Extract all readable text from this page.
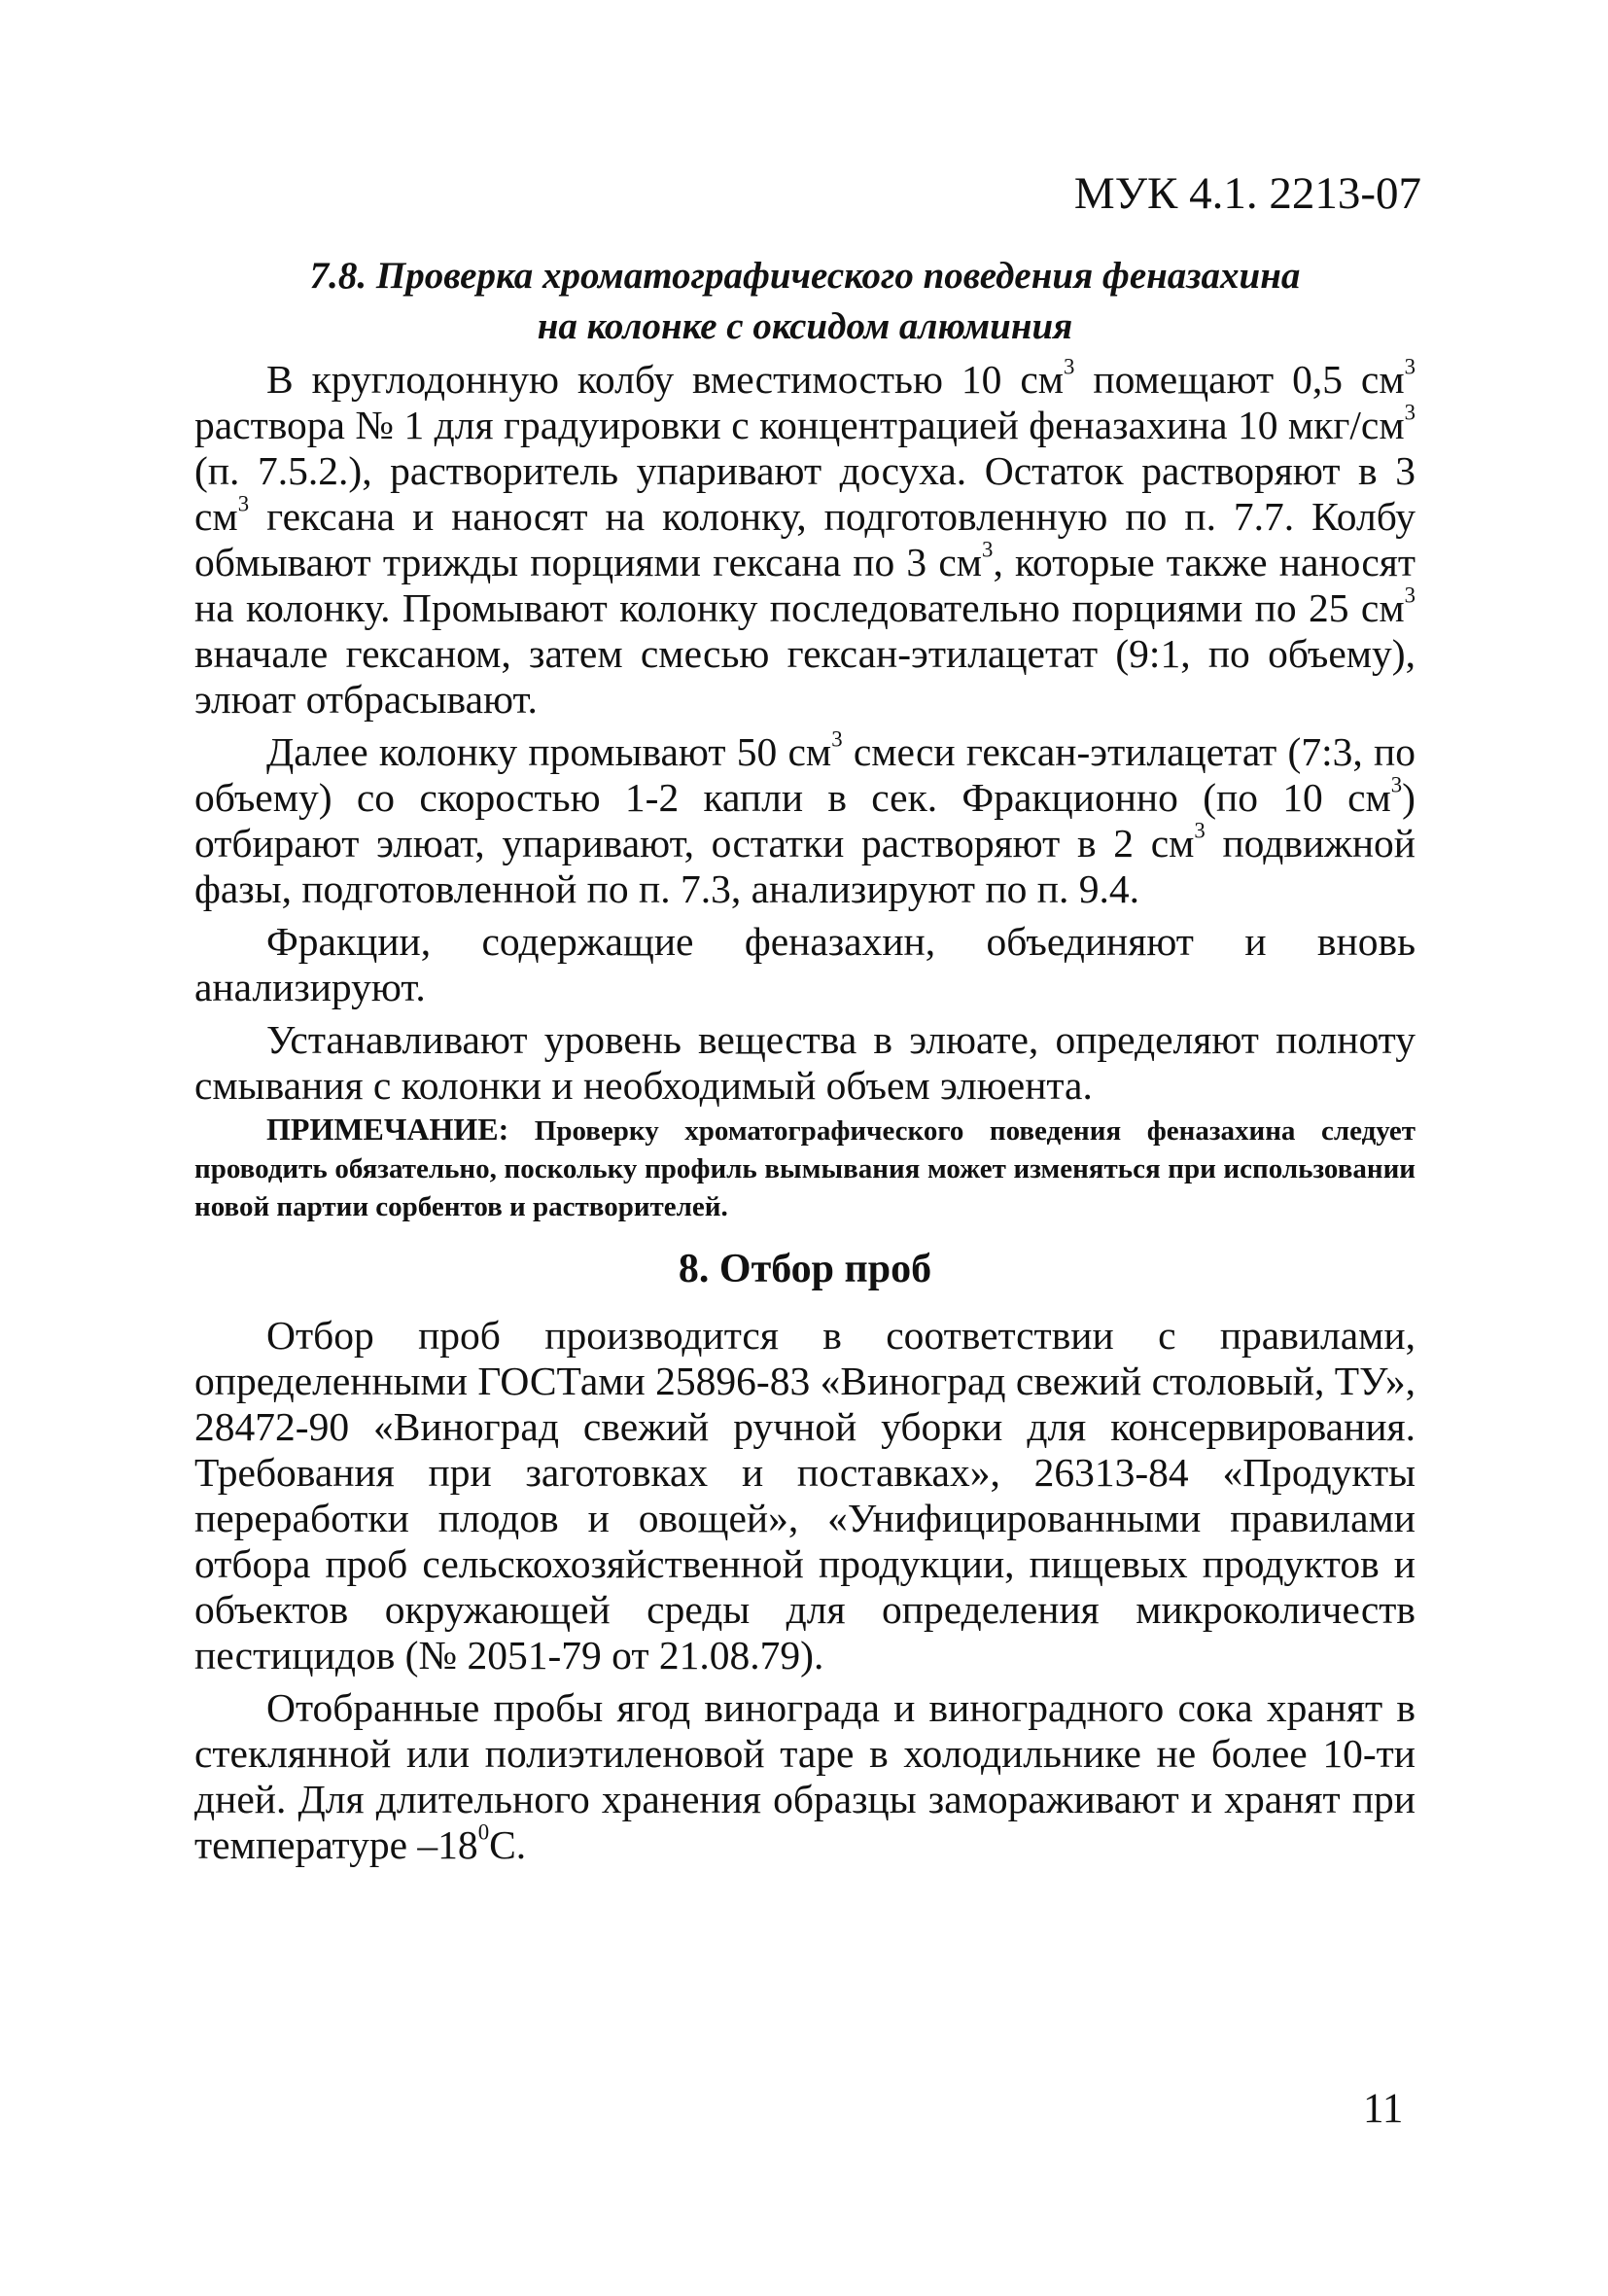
МУК 4.1. 2213-07
7.8. Проверка хроматографического поведения феназахина
на колонке с оксидом алюминия

В круглодонную колбу вместимостью 10 $см^3$ помещают 0,5 $см^3$ раствора № 1 для градуировки с концентрацией феназахина 10 мкг/$см^3$ (п. 7.5.2.), растворитель упаривают досуха. Остаток растворяют в 3 $см^3$ гексана и наносят на колонку, подготовленную по п. 7.7. Колбу обмывают трижды порциями гексана по 3 $см^3$, которые также наносят на колонку. Промывают колонку последовательно порциями по 25 $см^3$ вначале гексаном, затем смесью гексан-этилацетат (9:1, по объему), элюат отбрасывают.

Далее колонку промывают 50 $см^3$ смеси гексан-этилацетат (7:3, по объему) со скоростью 1-2 капли в сек. Фракционно (по 10 $см^3$) отбирают элюат, упаривают, остатки растворяют в 2 $см^3$ подвижной фазы, подготовленной по п. 7.3, анализируют по п. 9.4.

Фракции, содержащие феназахин, объединяют и вновь анализируют.

Устанавливают уровень вещества в элюате, определяют полноту смывания с колонки и необходимый объем элюента.

ПРИМЕЧАНИЕ: Проверку хроматографического поведения феназахина следует проводить обязательно, поскольку профиль вымывания может изменяться при использовании новой партии сорбентов и растворителей.

8. Отбор проб

Отбор проб производится в соответствии с правилами, определенными ГОСТами 25896-83 «Виноград свежий столовый, ТУ», 28472-90 «Виноград свежий ручной уборки для консервирования. Требования при заготовках и поставках», 26313-84 «Продукты переработки плодов и овощей», «Унифицированными правилами отбора проб сельскохозяйственной продукции, пищевых продуктов и объектов окружающей среды для определения микроколичеств пестицидов (№ 2051-79 от 21.08.79).

Отобранные пробы ягод винограда и виноградного сока хранят в стеклянной или полиэтиленовой таре в холодильнике не более 10-ти дней. Для длительного хранения образцы замораживают и хранят при температуре $-18^0С$.

11
